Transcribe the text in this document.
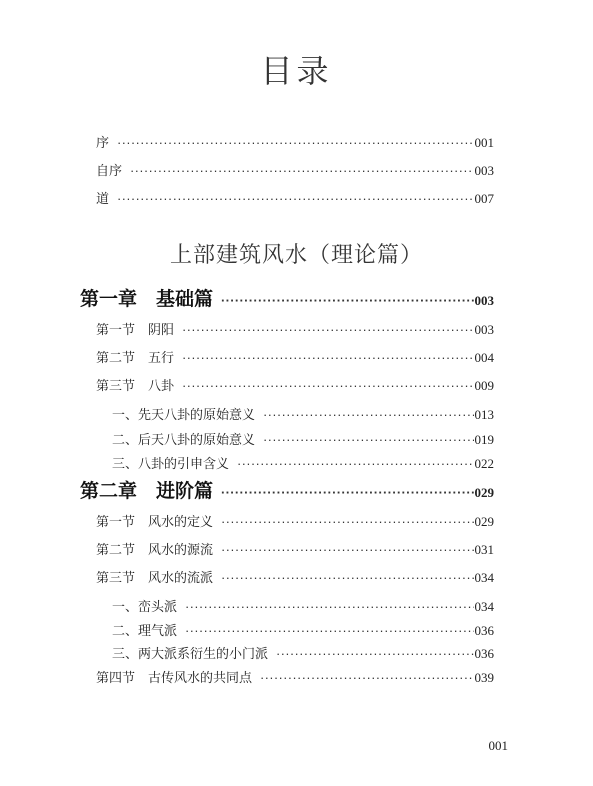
目录
序 ·····	001
自序 ·····	003
道 ·····	007
上部建筑风水（理论篇）
第一章　基础篇 ·····	003
第一节　阴阳 ·····	003
第二节　五行 ·····	004
第三节　八卦 ·····	009
一、先天八卦的原始意义 ·····	013
二、后天八卦的原始意义 ·····	019
三、八卦的引申含义 ·····	022
第二章　进阶篇 ·····	029
第一节　风水的定义 ·····	029
第二节　风水的源流 ·····	031
第三节　风水的流派 ·····	034
一、峦头派 ·····	034
二、理气派 ·····	036
三、两大派系衍生的小门派 ·····	036
第四节　古传风水的共同点 ·····	039
001
